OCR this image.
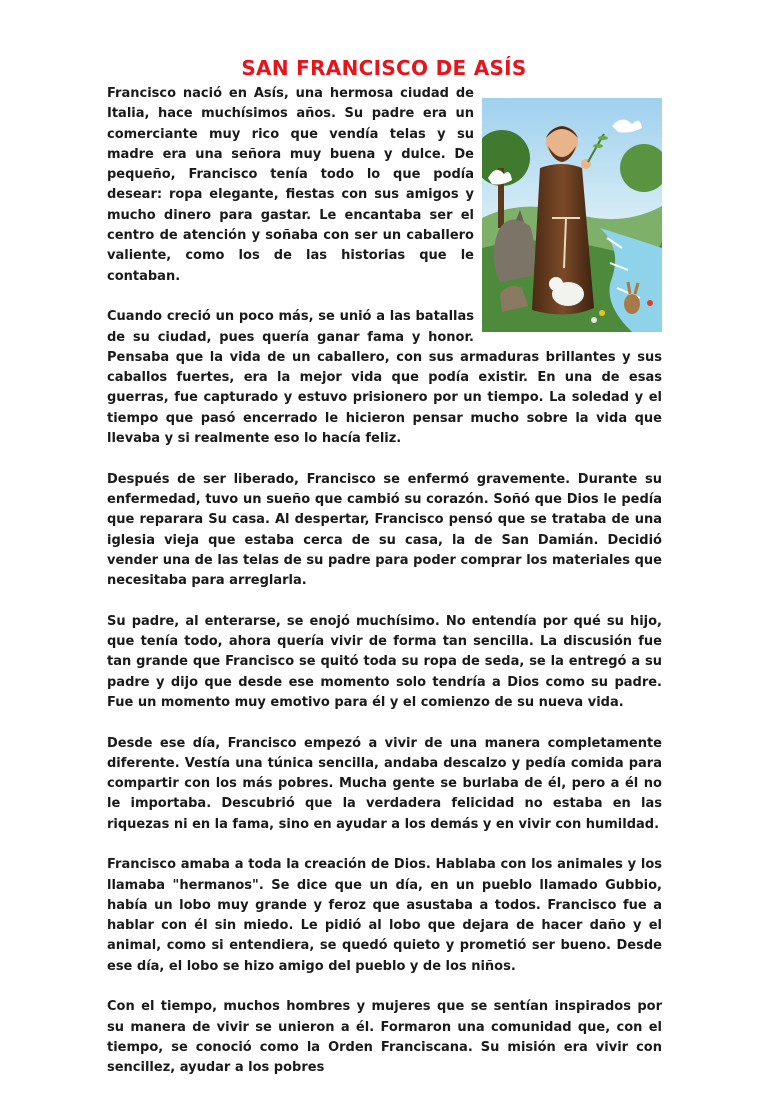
SAN FRANCISCO DE ASÍS

Francisco nació en Asís, una hermosa ciudad de Italia, hace muchísimos años. Su padre era un comerciante muy rico que vendía telas y su madre era una señora muy buena y dulce. De pequeño, Francisco tenía todo lo que podía desear: ropa elegante, fiestas con sus amigos y mucho dinero para gastar. Le encantaba ser el centro de atención y soñaba con ser un caballero valiente, como los de las historias que le contaban.

Cuando creció un poco más, se unió a las batallas de su ciudad, pues quería ganar fama y honor. Pensaba que la vida de un caballero, con sus armaduras brillantes y sus caballos fuertes, era la mejor vida que podía existir. En una de esas guerras, fue capturado y estuvo prisionero por un tiempo. La soledad y el tiempo que pasó encerrado le hicieron pensar mucho sobre la vida que llevaba y si realmente eso lo hacía feliz.

Después de ser liberado, Francisco se enfermó gravemente. Durante su enfermedad, tuvo un sueño que cambió su corazón. Soñó que Dios le pedía que reparara Su casa. Al despertar, Francisco pensó que se trataba de una iglesia vieja que estaba cerca de su casa, la de San Damián. Decidió vender una de las telas de su padre para poder comprar los materiales que necesitaba para arreglarla.

Su padre, al enterarse, se enojó muchísimo. No entendía por qué su hijo, que tenía todo, ahora quería vivir de forma tan sencilla. La discusión fue tan grande que Francisco se quitó toda su ropa de seda, se la entregó a su padre y dijo que desde ese momento solo tendría a Dios como su padre. Fue un momento muy emotivo para él y el comienzo de su nueva vida.

Desde ese día, Francisco empezó a vivir de una manera completamente diferente. Vestía una túnica sencilla, andaba descalzo y pedía comida para compartir con los más pobres. Mucha gente se burlaba de él, pero a él no le importaba. Descubrió que la verdadera felicidad no estaba en las riquezas ni en la fama, sino en ayudar a los demás y en vivir con humildad.

Francisco amaba a toda la creación de Dios. Hablaba con los animales y los llamaba "hermanos". Se dice que un día, en un pueblo llamado Gubbio, había un lobo muy grande y feroz que asustaba a todos. Francisco fue a hablar con él sin miedo. Le pidió al lobo que dejara de hacer daño y el animal, como si entendiera, se quedó quieto y prometió ser bueno. Desde ese día, el lobo se hizo amigo del pueblo y de los niños.

Con el tiempo, muchos hombres y mujeres que se sentían inspirados por su manera de vivir se unieron a él. Formaron una comunidad que, con el tiempo, se conoció como la Orden Franciscana. Su misión era vivir con sencillez, ayudar a los pobres
